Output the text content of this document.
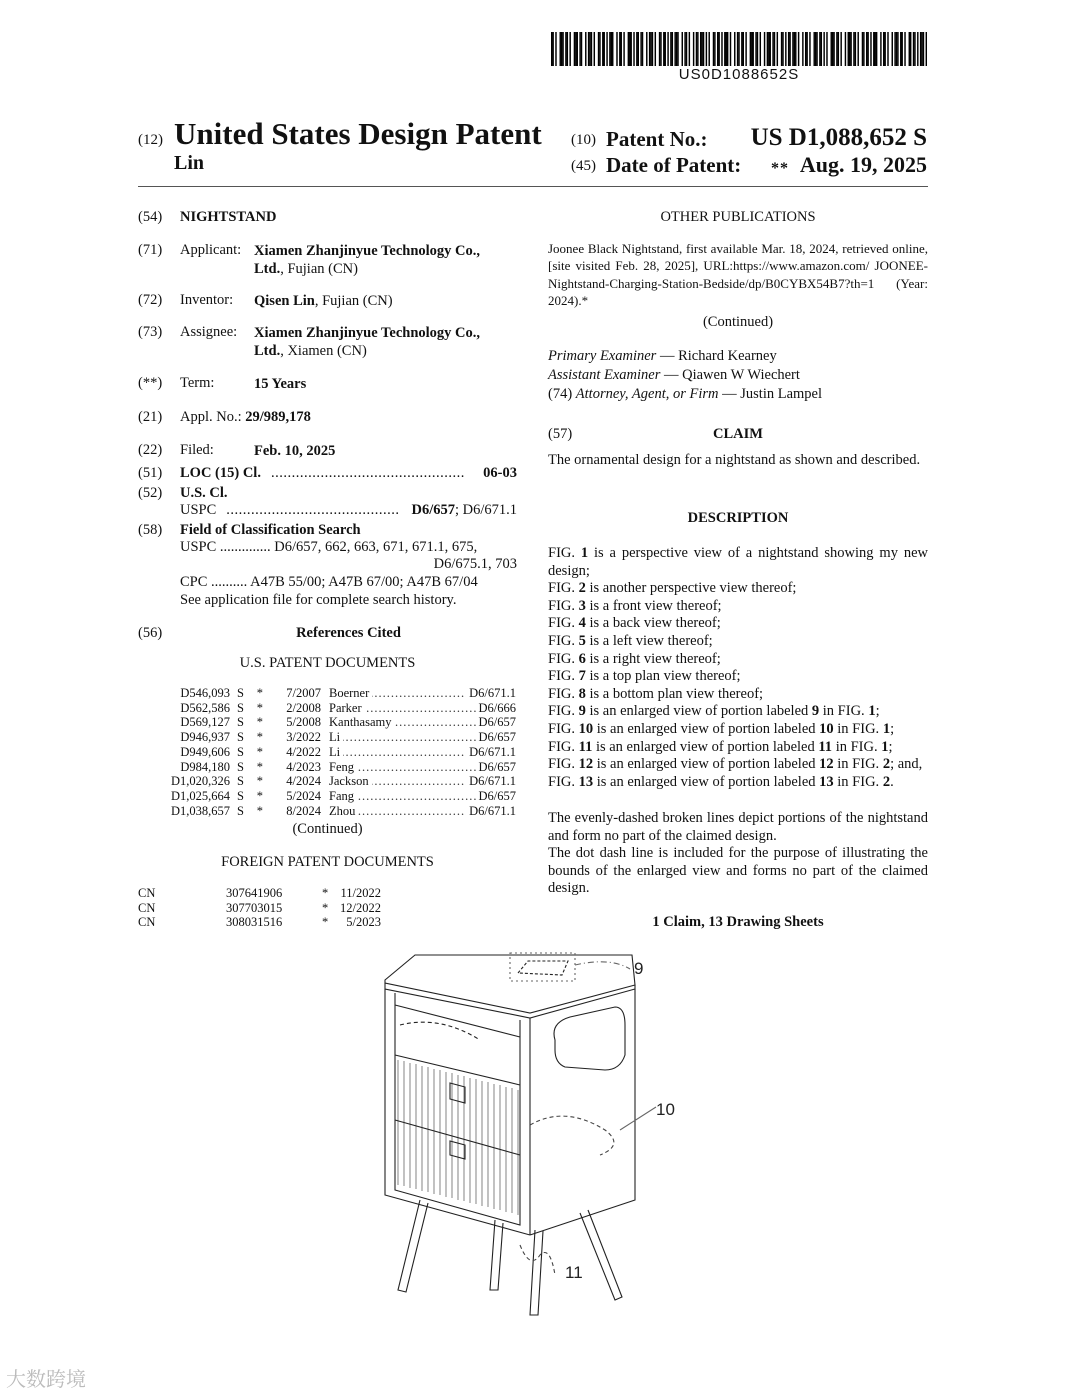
US0D1088652S
(12) United States Design Patent
Lin
(10) Patent No.: US D1,088,652 S
(45) Date of Patent: ** Aug. 19, 2025
(54) NIGHTSTAND
(71) Applicant: Xiamen Zhanjinyue Technology Co.,
Ltd., Fujian (CN)
(72) Inventor: Qisen Lin, Fujian (CN)
(73) Assignee: Xiamen Zhanjinyue Technology Co.,
Ltd., Xiamen (CN)
(**) Term:	15 Years
(21) Appl. No.: 29/989,178
(22) Filed:	Feb. 10, 2025
(51) LOC (15) Cl. ...............................................	06-03
(52) U.S. Cl.
USPC .......................................... D6/657 ; D6/671.1
(58) Field of Classification Search
USPC .............. D6/657, 662, 663, 671, 671.1, 675,
D6/675.1, 703
CPC .......... A47B 55/00; A47B 67/00; A47B 67/04
See application file for complete search history.
(56)	References Cited
U.S. PATENT DOCUMENTS
D546,093 S	*	7/2007 Boerner	D6/671.1
.....
D562,586 S	*	2/2008 Parker	D6/666
.....
D569,127 S	*	5/2008 Kanthasamy	D6/657
.....
D946,937 S	*	3/2022 Li	D6/657
.....
D949,606 S	*	4/2022 Li	D6/671.1
.....
D984,180 S	*	4/2023 Feng	D6/657
.....
D1,020,326 S	*	4/2024 Jackson	D6/671.1
.....
D1,025,664 S	*	5/2024 Fang	D6/657
.....
D1,038,657 S	*	8/2024 Zhou	D6/671.1
.....
(Continued)
FOREIGN PATENT DOCUMENTS
CN	307641906	* 11/2022
CN	307703015	* 12/2022
CN	308031516	*	5/2023
OTHER PUBLICATIONS
Joonee Black Nightstand, first available Mar. 18, 2024, retrieved online, [site visited Feb. 28, 2025], URL:https://www.amazon.com/ JOONEE-Nightstand-Charging-Station-Bedside/dp/B0CYBX54B7?th=1 (Year: 2024).*
(Continued)
Primary Examiner — Richard Kearney
Assistant Examiner — Qiawen W Wiechert
(74) Attorney, Agent, or Firm — Justin Lampel
(57)	CLAIM
The ornamental design for a nightstand as shown and described.
DESCRIPTION
FIG. 1 is a perspective view of a nightstand showing my new design;
FIG. 2 is another perspective view thereof;
FIG. 3 is a front view thereof;
FIG. 4 is a back view thereof;
FIG. 5 is a left view thereof;
FIG. 6 is a right view thereof;
FIG. 7 is a top plan view thereof;
FIG. 8 is a bottom plan view thereof;
FIG. 9 is an enlarged view of portion labeled 9 in FIG. 1;
FIG. 10 is an enlarged view of portion labeled 10 in FIG. 1;
FIG. 11 is an enlarged view of portion labeled 11 in FIG. 1;
FIG. 12 is an enlarged view of portion labeled 12 in FIG. 2; and,
FIG. 13 is an enlarged view of portion labeled 13 in FIG. 2.
The evenly-dashed broken lines depict portions of the nightstand and form no part of the claimed design.
The dot dash line is included for the purpose of illustrating the bounds of the enlarged view and forms no part of the claimed design.
1 Claim, 13 Drawing Sheets
9
10
11
大数跨境
